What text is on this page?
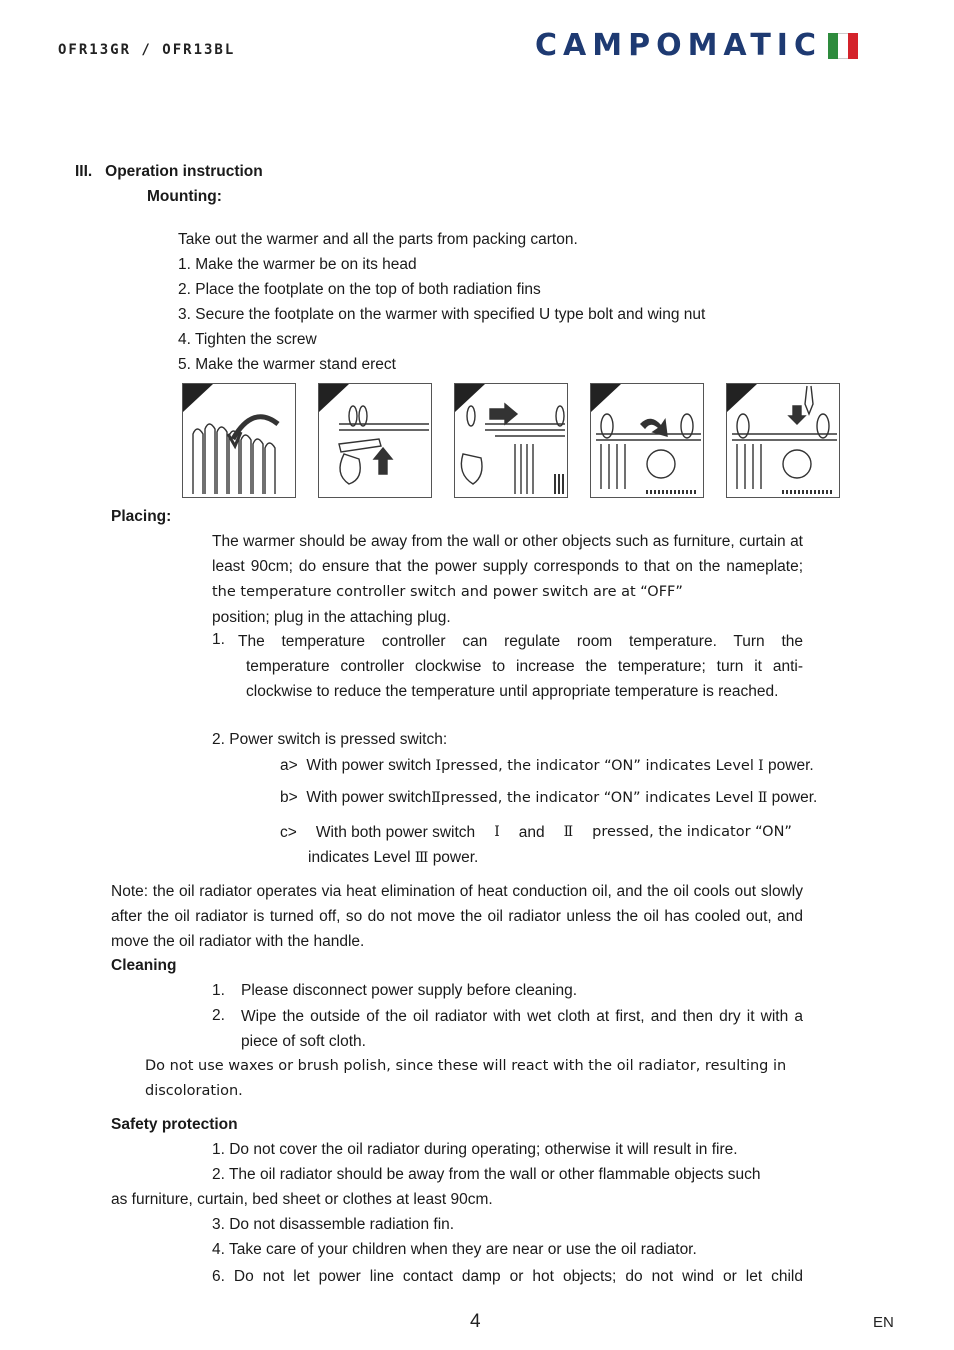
OFR13GR / OFR13BL	CAMPOMATIC
III. Operation instruction
Mounting:
Take out the warmer and all the parts from packing carton.
1. Make the warmer be on its head
2. Place the footplate on the top of both radiation fins
3. Secure the footplate on the warmer with specified U type bolt and wing nut
4. Tighten the screw
5. Make the warmer stand erect
Placing:
The warmer should be away from the wall or other objects such as furniture, curtain at least 90cm; do ensure that the power supply corresponds to that on the nameplate; the temperature controller switch and power switch are at “OFF”
position; plug in the attaching plug.
1. The temperature controller can regulate room temperature. Turn the
temperature controller clockwise to increase the temperature; turn it anti-clockwise to reduce the temperature until appropriate temperature is reached.
2. Power switch is pressed switch:
a> With power switch Ⅰpressed, the indicator “ON” indicates Level Ⅰ power.
b> With power switchⅡpressed, the indicator “ON” indicates Level Ⅱ power.
c> With both power switch Ⅰ and Ⅱ pressed, the indicator “ON”
indicates Level Ⅲ power.
Note: the oil radiator operates via heat elimination of heat conduction oil, and the oil cools out slowly after the oil radiator is turned off, so do not move the oil radiator unless the oil has cooled out, and move the oil radiator with the handle.
Cleaning
1. Please disconnect power supply before cleaning.
2. Wipe the outside of the oil radiator with wet cloth at first, and then dry it with a piece of soft cloth.
Do not use waxes or brush polish, since these will react with the oil radiator, resulting in discoloration.
Safety protection
1. Do not cover the oil radiator during operating; otherwise it will result in fire.
2. The oil radiator should be away from the wall or other flammable objects such
as furniture, curtain, bed sheet or clothes at least 90cm.
3. Do not disassemble radiation fin.
4. Take care of your children when they are near or use the oil radiator.
6. Do not let power line contact damp or hot objects; do not wind or let child
4	EN
